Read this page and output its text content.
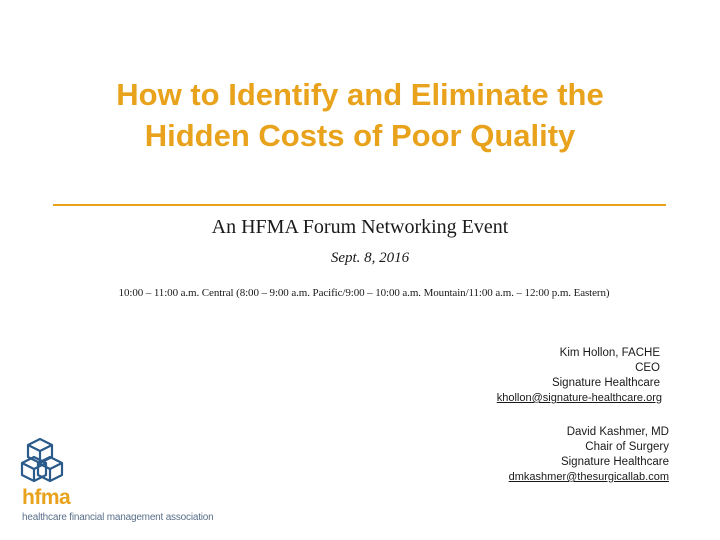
How to Identify and Eliminate the
Hidden Costs of Poor Quality
An HFMA Forum Networking Event
Sept. 8, 2016
10:00 – 11:00 a.m. Central (8:00 – 9:00 a.m. Pacific/9:00 – 10:00 a.m. Mountain/11:00 a.m. – 12:00 p.m. Eastern)
Kim Hollon, FACHE
CEO
Signature Healthcare
khollon@signature-healthcare.org
David Kashmer, MD
Chair of Surgery
Signature Healthcare
dmkashmer@thesurgicallab.com
hfma
healthcare financial management association
